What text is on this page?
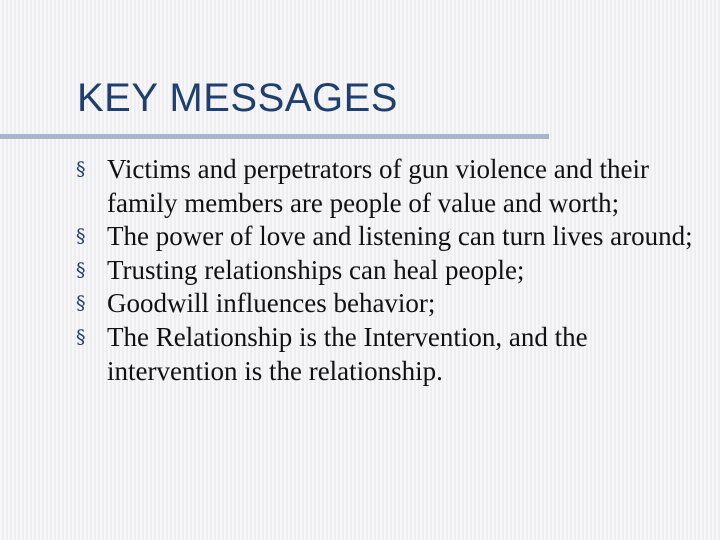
KEY MESSAGES
§ Victims and perpetrators of gun violence and their family members are people of value and worth;
§ The power of love and listening can turn lives around;
§ Trusting relationships can heal people;
§ Goodwill influences behavior;
§ The Relationship is the Intervention, and the intervention is the relationship.
